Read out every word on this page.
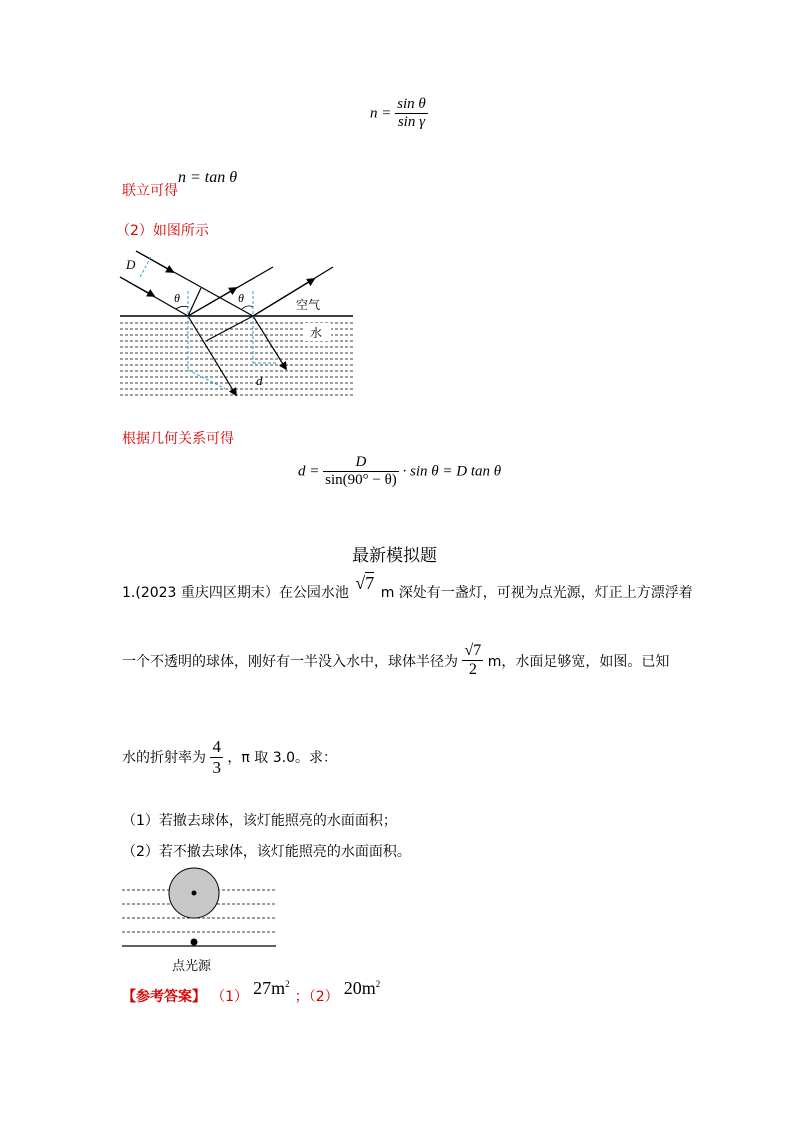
$n = \frac{\text{sin θ}}{\text{sin γ}}$
联立可得
n = tan θ
（2）如图所示
D
θ	θ	空气
水
d
根据几何关系可得
$d = \frac{D}{\sin(90^\circ - \theta)} \cdot \sin \theta = D$ tan θ
最新模拟题
1.(2023 重庆四区期末）在公园水池 √7 m 深处有一盏灯，可视为点光源，灯正上方漂浮着
一个不透明的球体，刚好有一半没入水中，球体半径为 $\frac{√7}{2}$ m，水面足够宽，如图。已知
水的折射率为 $\frac{4}{3}$ ，π 取 3.0。求：
（1）若撤去球体，该灯能照亮的水面面积；
（2）若不撤去球体，该灯能照亮的水面面积。
点光源
【参考答案】 （1） $27m^2$ ；（2） $20m^2$
